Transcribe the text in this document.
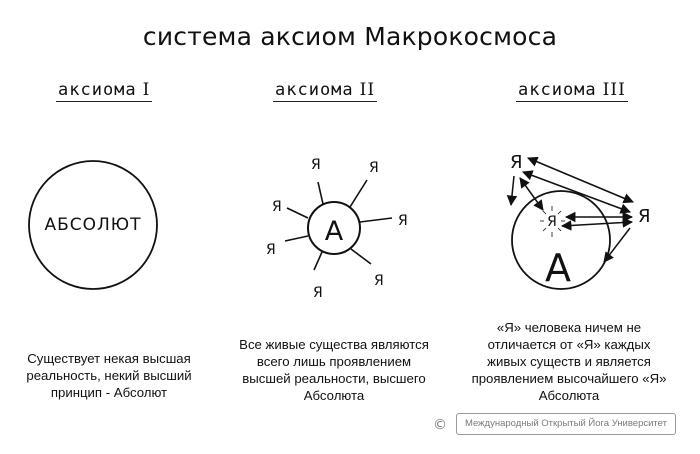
система аксиом Макрокосмоса
аксиома I	аксиома II	аксиома III
АБСОЛЮТ	А
Я	Я
Я
Я
Я
Я
Я	А
Я
Я
Я
Существует некая высшая
реальность, некий высший
принцип - Абсолют
Все живые существа являются
всего лишь проявлением
высшей реальности, высшего
Абсолюта
«Я» человека ничем не
отличается от «Я» каждых
живых существ и является
проявлением высочайшего «Я»
Абсолюта
©	Международный Открытый Йога Университет
